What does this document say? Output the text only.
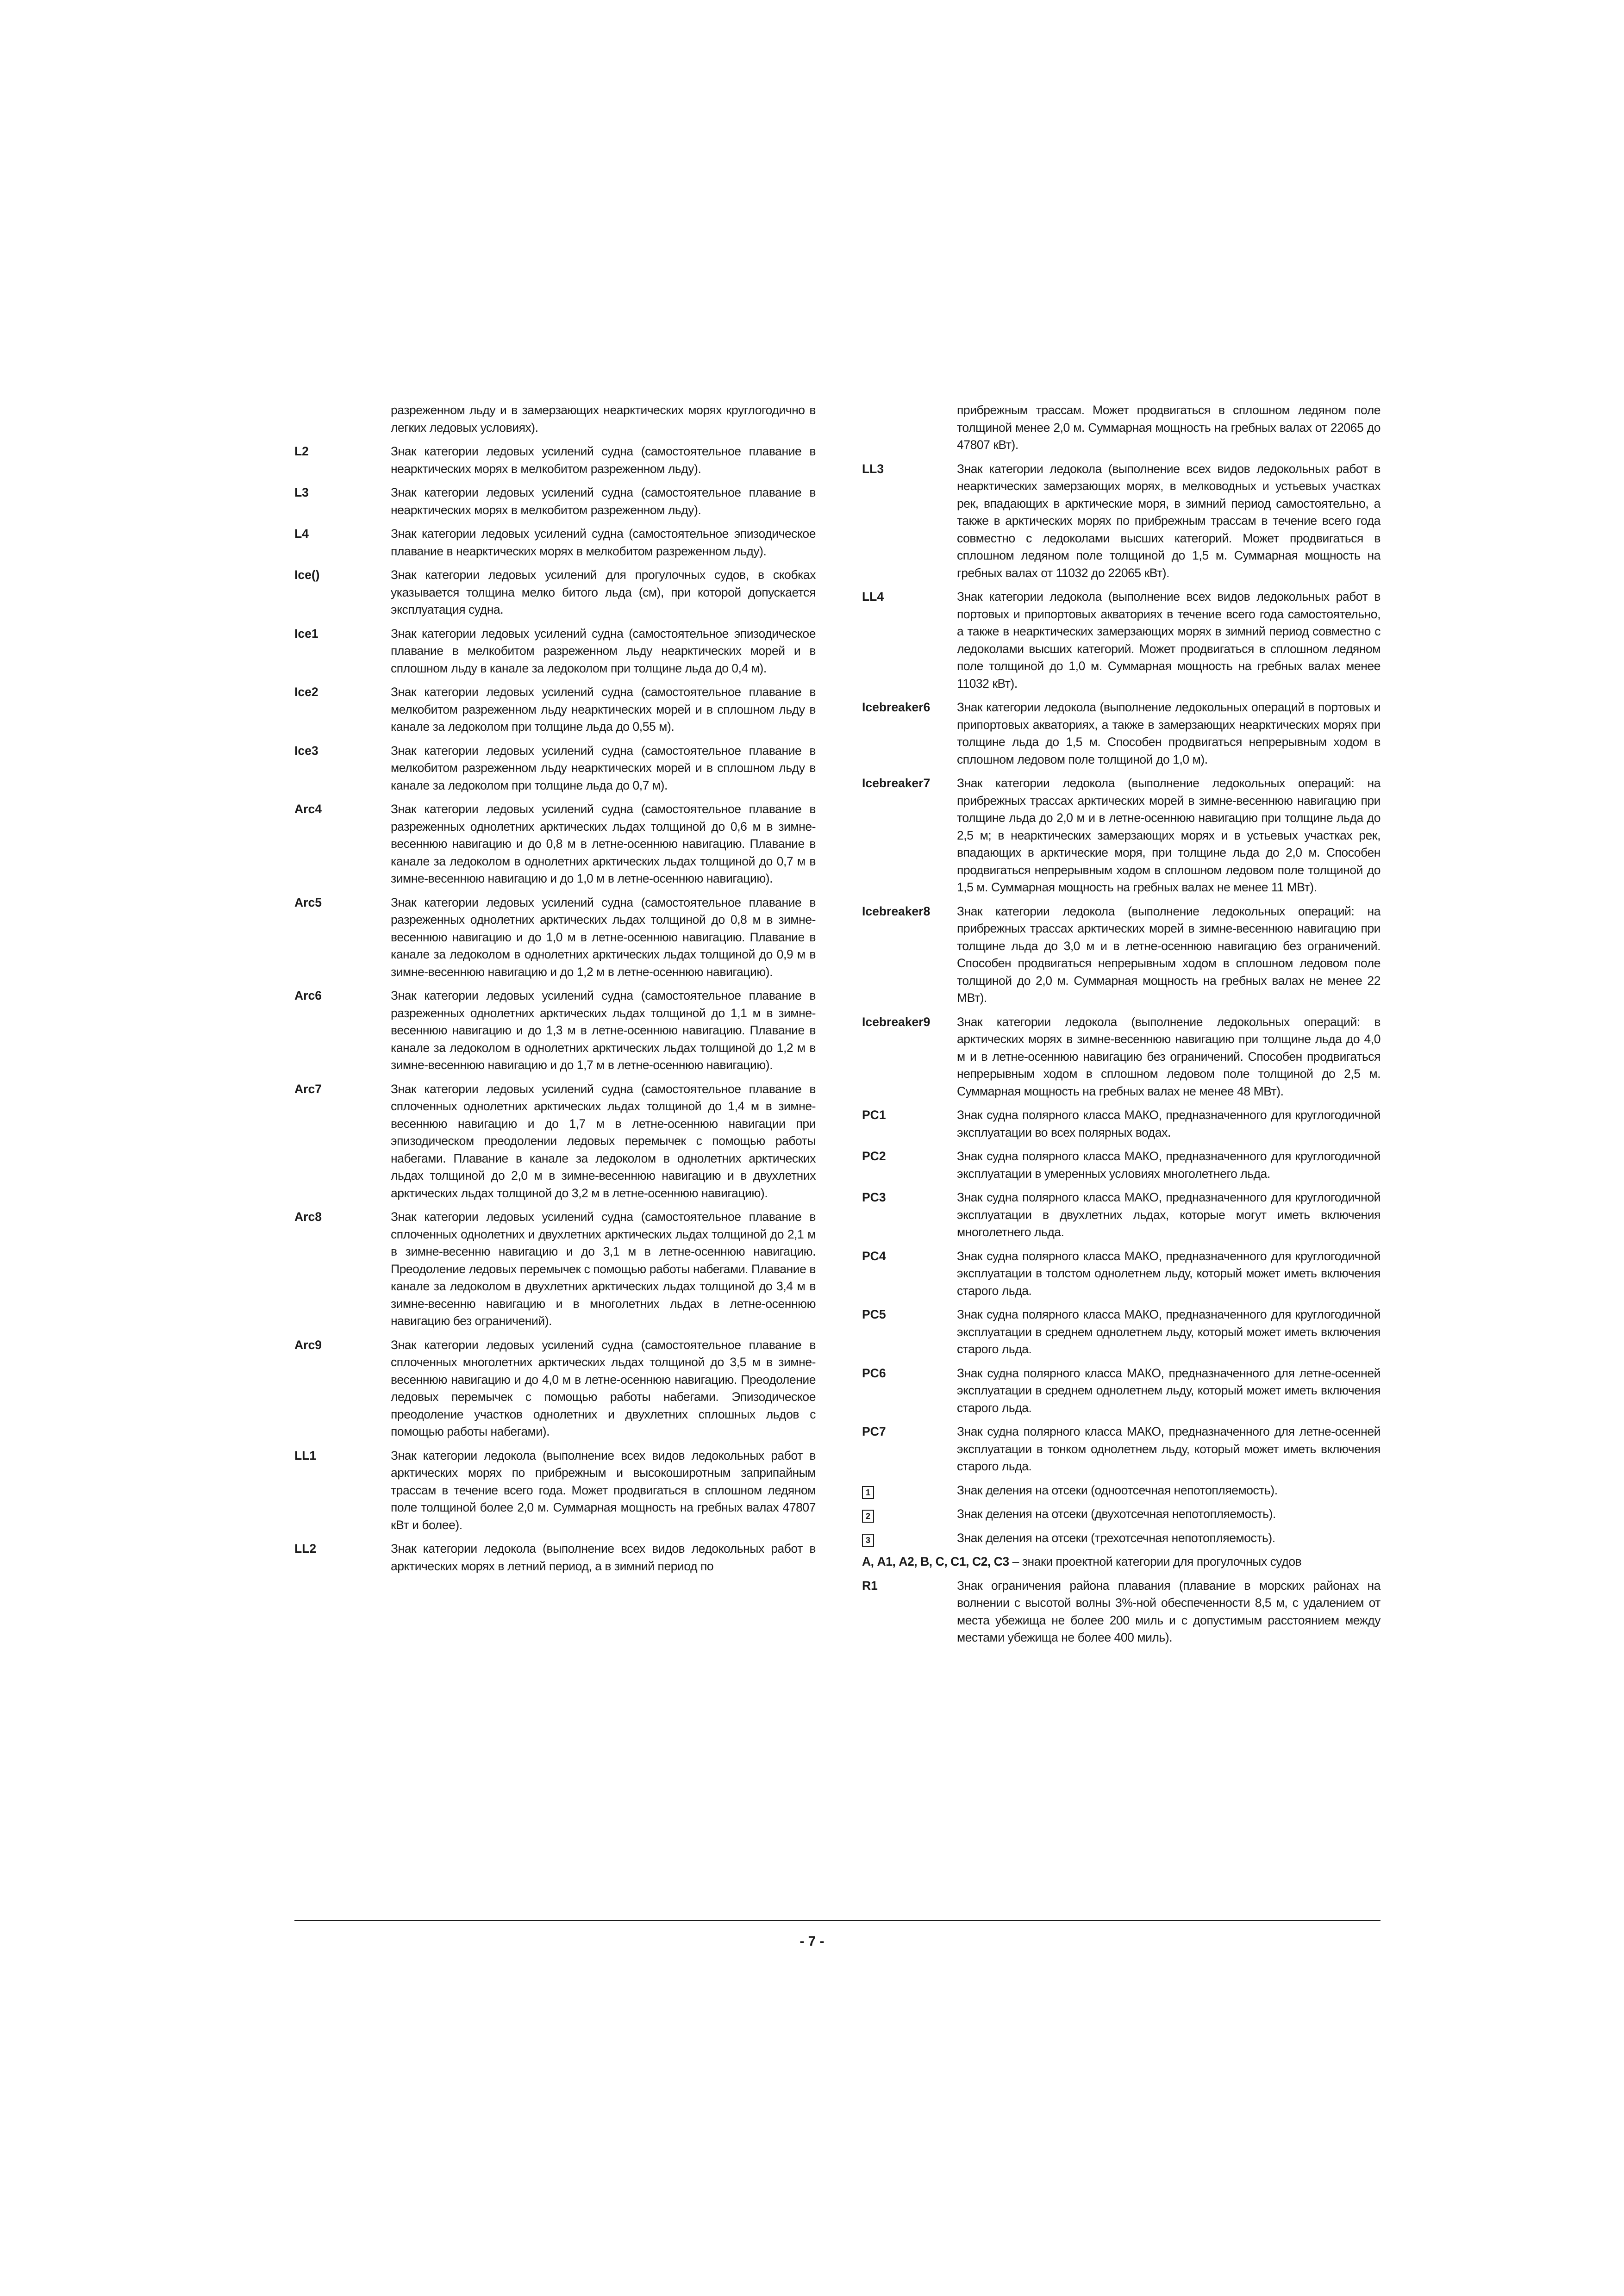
разреженном льду и в замерзающих неарктических морях круглогодично в легких ледовых условиях).
L2	Знак категории ледовых усилений судна (самостоятельное плавание в неарктических морях в мелкобитом разреженном льду).
L3	Знак категории ледовых усилений судна (самостоятельное плавание в неарктических морях в мелкобитом разреженном льду).
L4	Знак категории ледовых усилений судна (самостоятельное эпизодическое плавание в неарктических морях в мелкобитом разреженном льду).
Ice()	Знак категории ледовых усилений для прогулочных судов, в скобках указывается толщина мелко битого льда (см), при которой допускается эксплуатация судна.
Ice1	Знак категории ледовых усилений судна (самостоятельное эпизодическое плавание в мелкобитом разреженном льду неарктических морей и в сплошном льду в канале за ледоколом при толщине льда до 0,4 м).
Ice2	Знак категории ледовых усилений судна (самостоятельное плавание в мелкобитом разреженном льду неарктических морей и в сплошном льду в канале за ледоколом при толщине льда до 0,55 м).
Ice3	Знак категории ледовых усилений судна (самостоятельное плавание в мелкобитом разреженном льду неарктических морей и в сплошном льду в канале за ледоколом при толщине льда до 0,7 м).
Arc4	Знак категории ледовых усилений судна (самостоятельное плавание в разреженных однолетних арктических льдах толщиной до 0,6 м в зимне-весеннюю навигацию и до 0,8 м в летне-осеннюю навигацию. Плавание в канале за ледоколом в однолетних арктических льдах толщиной до 0,7 м в зимне-весеннюю навигацию и до 1,0 м в летне-осеннюю навигацию).
Arc5	Знак категории ледовых усилений судна (самостоятельное плавание в разреженных однолетних арктических льдах толщиной до 0,8 м в зимне-весеннюю навигацию и до 1,0 м в летне-осеннюю навигацию. Плавание в канале за ледоколом в однолетних арктических льдах толщиной до 0,9 м в зимне-весеннюю навигацию и до 1,2 м в летне-осеннюю навигацию).
Arc6	Знак категории ледовых усилений судна (самостоятельное плавание в разреженных однолетних арктических льдах толщиной до 1,1 м в зимне-весеннюю навигацию и до 1,3 м в летне-осеннюю навигацию. Плавание в канале за ледоколом в однолетних арктических льдах толщиной до 1,2 м в зимне-весеннюю навигацию и до 1,7 м в летне-осеннюю навигацию).
Arc7	Знак категории ледовых усилений судна (самостоятельное плавание в сплоченных однолетних арктических льдах толщиной до 1,4 м в зимне-весеннюю навигацию и до 1,7 м в летне-осеннюю навигации при эпизодическом преодолении ледовых перемычек с помощью работы набегами. Плавание в канале за ледоколом в однолетних арктических льдах толщиной до 2,0 м в зимне-весеннюю навигацию и в двухлетних арктических льдах толщиной до 3,2 м в летне-осеннюю навигацию).
Arc8	Знак категории ледовых усилений судна (самостоятельное плавание в сплоченных однолетних и двухлетних арктических льдах толщиной до 2,1 м в зимне-весенню навигацию и до 3,1 м в летне-осеннюю навигацию. Преодоление ледовых перемычек с помощью работы набегами. Плавание в канале за ледоколом в двухлетних арктических льдах толщиной до 3,4 м в зимне-весенню навигацию и в многолетних льдах в летне-осеннюю навигацию без ограничений).
Arc9	Знак категории ледовых усилений судна (самостоятельное плавание в сплоченных многолетних арктических льдах толщиной до 3,5 м в зимне-весеннюю навигацию и до 4,0 м в летне-осеннюю навигацию. Преодоление ледовых перемычек с помощью работы набегами. Эпизодическое преодоление участков однолетних и двухлетних сплошных льдов с помощью работы набегами).
LL1	Знак категории ледокола (выполнение всех видов ледокольных работ в арктических морях по прибрежным и высокоширотным заприпайным трассам в течение всего года. Может продвигаться в сплошном ледяном поле толщиной более 2,0 м. Суммарная мощность на гребных валах 47807 кВт и более).
LL2	Знак категории ледокола (выполнение всех видов ледокольных работ в арктических морях в летний период, а в зимний период по
прибрежным трассам. Может продвигаться в сплошном ледяном поле толщиной менее 2,0 м. Суммарная мощность на гребных валах от 22065 до 47807 кВт).
LL3	Знак категории ледокола (выполнение всех видов ледокольных работ в неарктических замерзающих морях, в мелководных и устьевых участках рек, впадающих в арктические моря, в зимний период самостоятельно, а также в арктических морях по прибрежным трассам в течение всего года совместно с ледоколами высших категорий. Может продвигаться в сплошном ледяном поле толщиной до 1,5 м. Суммарная мощность на гребных валах от 11032 до 22065 кВт).
LL4	Знак категории ледокола (выполнение всех видов ледокольных работ в портовых и припортовых акваториях в течение всего года самостоятельно, а также в неарктических замерзающих морях в зимний период совместно с ледоколами высших категорий. Может продвигаться в сплошном ледяном поле толщиной до 1,0 м. Суммарная мощность на гребных валах менее 11032 кВт).
Icebreaker6	Знак категории ледокола (выполнение ледокольных операций в портовых и припортовых акваториях, а также в замерзающих неарктических морях при толщине льда до 1,5 м. Способен продвигаться непрерывным ходом в сплошном ледовом поле толщиной до 1,0 м).
Icebreaker7	Знак категории ледокола (выполнение ледокольных операций: на прибрежных трассах арктических морей в зимне-весеннюю навигацию при толщине льда до 2,0 м и в летне-осеннюю навигацию при толщине льда до 2,5 м; в неарктических замерзающих морях и в устьевых участках рек, впадающих в арктические моря, при толщине льда до 2,0 м. Способен продвигаться непрерывным ходом в сплошном ледовом поле толщиной до 1,5 м. Суммарная мощность на гребных валах не менее 11 МВт).
Icebreaker8	Знак категории ледокола (выполнение ледокольных операций: на прибрежных трассах арктических морей в зимне-весеннюю навигацию при толщине льда до 3,0 м и в летне-осеннюю навигацию без ограничений. Способен продвигаться непрерывным ходом в сплошном ледовом поле толщиной до 2,0 м. Суммарная мощность на гребных валах не менее 22 МВт).
Icebreaker9	Знак категории ледокола (выполнение ледокольных операций: в арктических морях в зимне-весеннюю навигацию при толщине льда до 4,0 м и в летне-осеннюю навигацию без ограничений. Способен продвигаться непрерывным ходом в сплошном ледовом поле толщиной до 2,5 м. Суммарная мощность на гребных валах не менее 48 МВт).
PC1	Знак судна полярного класса МАКО, предназначенного для круглогодичной эксплуатации во всех полярных водах.
PC2	Знак судна полярного класса МАКО, предназначенного для круглогодичной эксплуатации в умеренных условиях многолетнего льда.
PC3	Знак судна полярного класса МАКО, предназначенного для круглогодичной эксплуатации в двухлетних льдах, которые могут иметь включения многолетнего льда.
PC4	Знак судна полярного класса МАКО, предназначенного для круглогодичной эксплуатации в толстом однолетнем льду, который может иметь включения старого льда.
PC5	Знак судна полярного класса МАКО, предназначенного для круглогодичной эксплуатации в среднем однолетнем льду, который может иметь включения старого льда.
PC6	Знак судна полярного класса МАКО, предназначенного для летне-осенней эксплуатации в среднем однолетнем льду, который может иметь включения старого льда.
PC7	Знак судна полярного класса МАКО, предназначенного для летне-осенней эксплуатации в тонком однолетнем льду, который может иметь включения старого льда.
1	Знак деления на отсеки (одноотсечная непотопляемость).
2	Знак деления на отсеки (двухотсечная непотопляемость).
3	Знак деления на отсеки (трехотсечная непотопляемость).
А, А1, А2, В, С, С1, С2, С3 – знаки проектной категории для прогулочных судов
R1	Знак ограничения района плавания (плавание в морских районах на волнении с высотой волны 3%-ной обеспеченности 8,5 м, с удалением от места убежища не более 200 миль и с допустимым расстоянием между местами убежища не более 400 миль).
- 7 -
